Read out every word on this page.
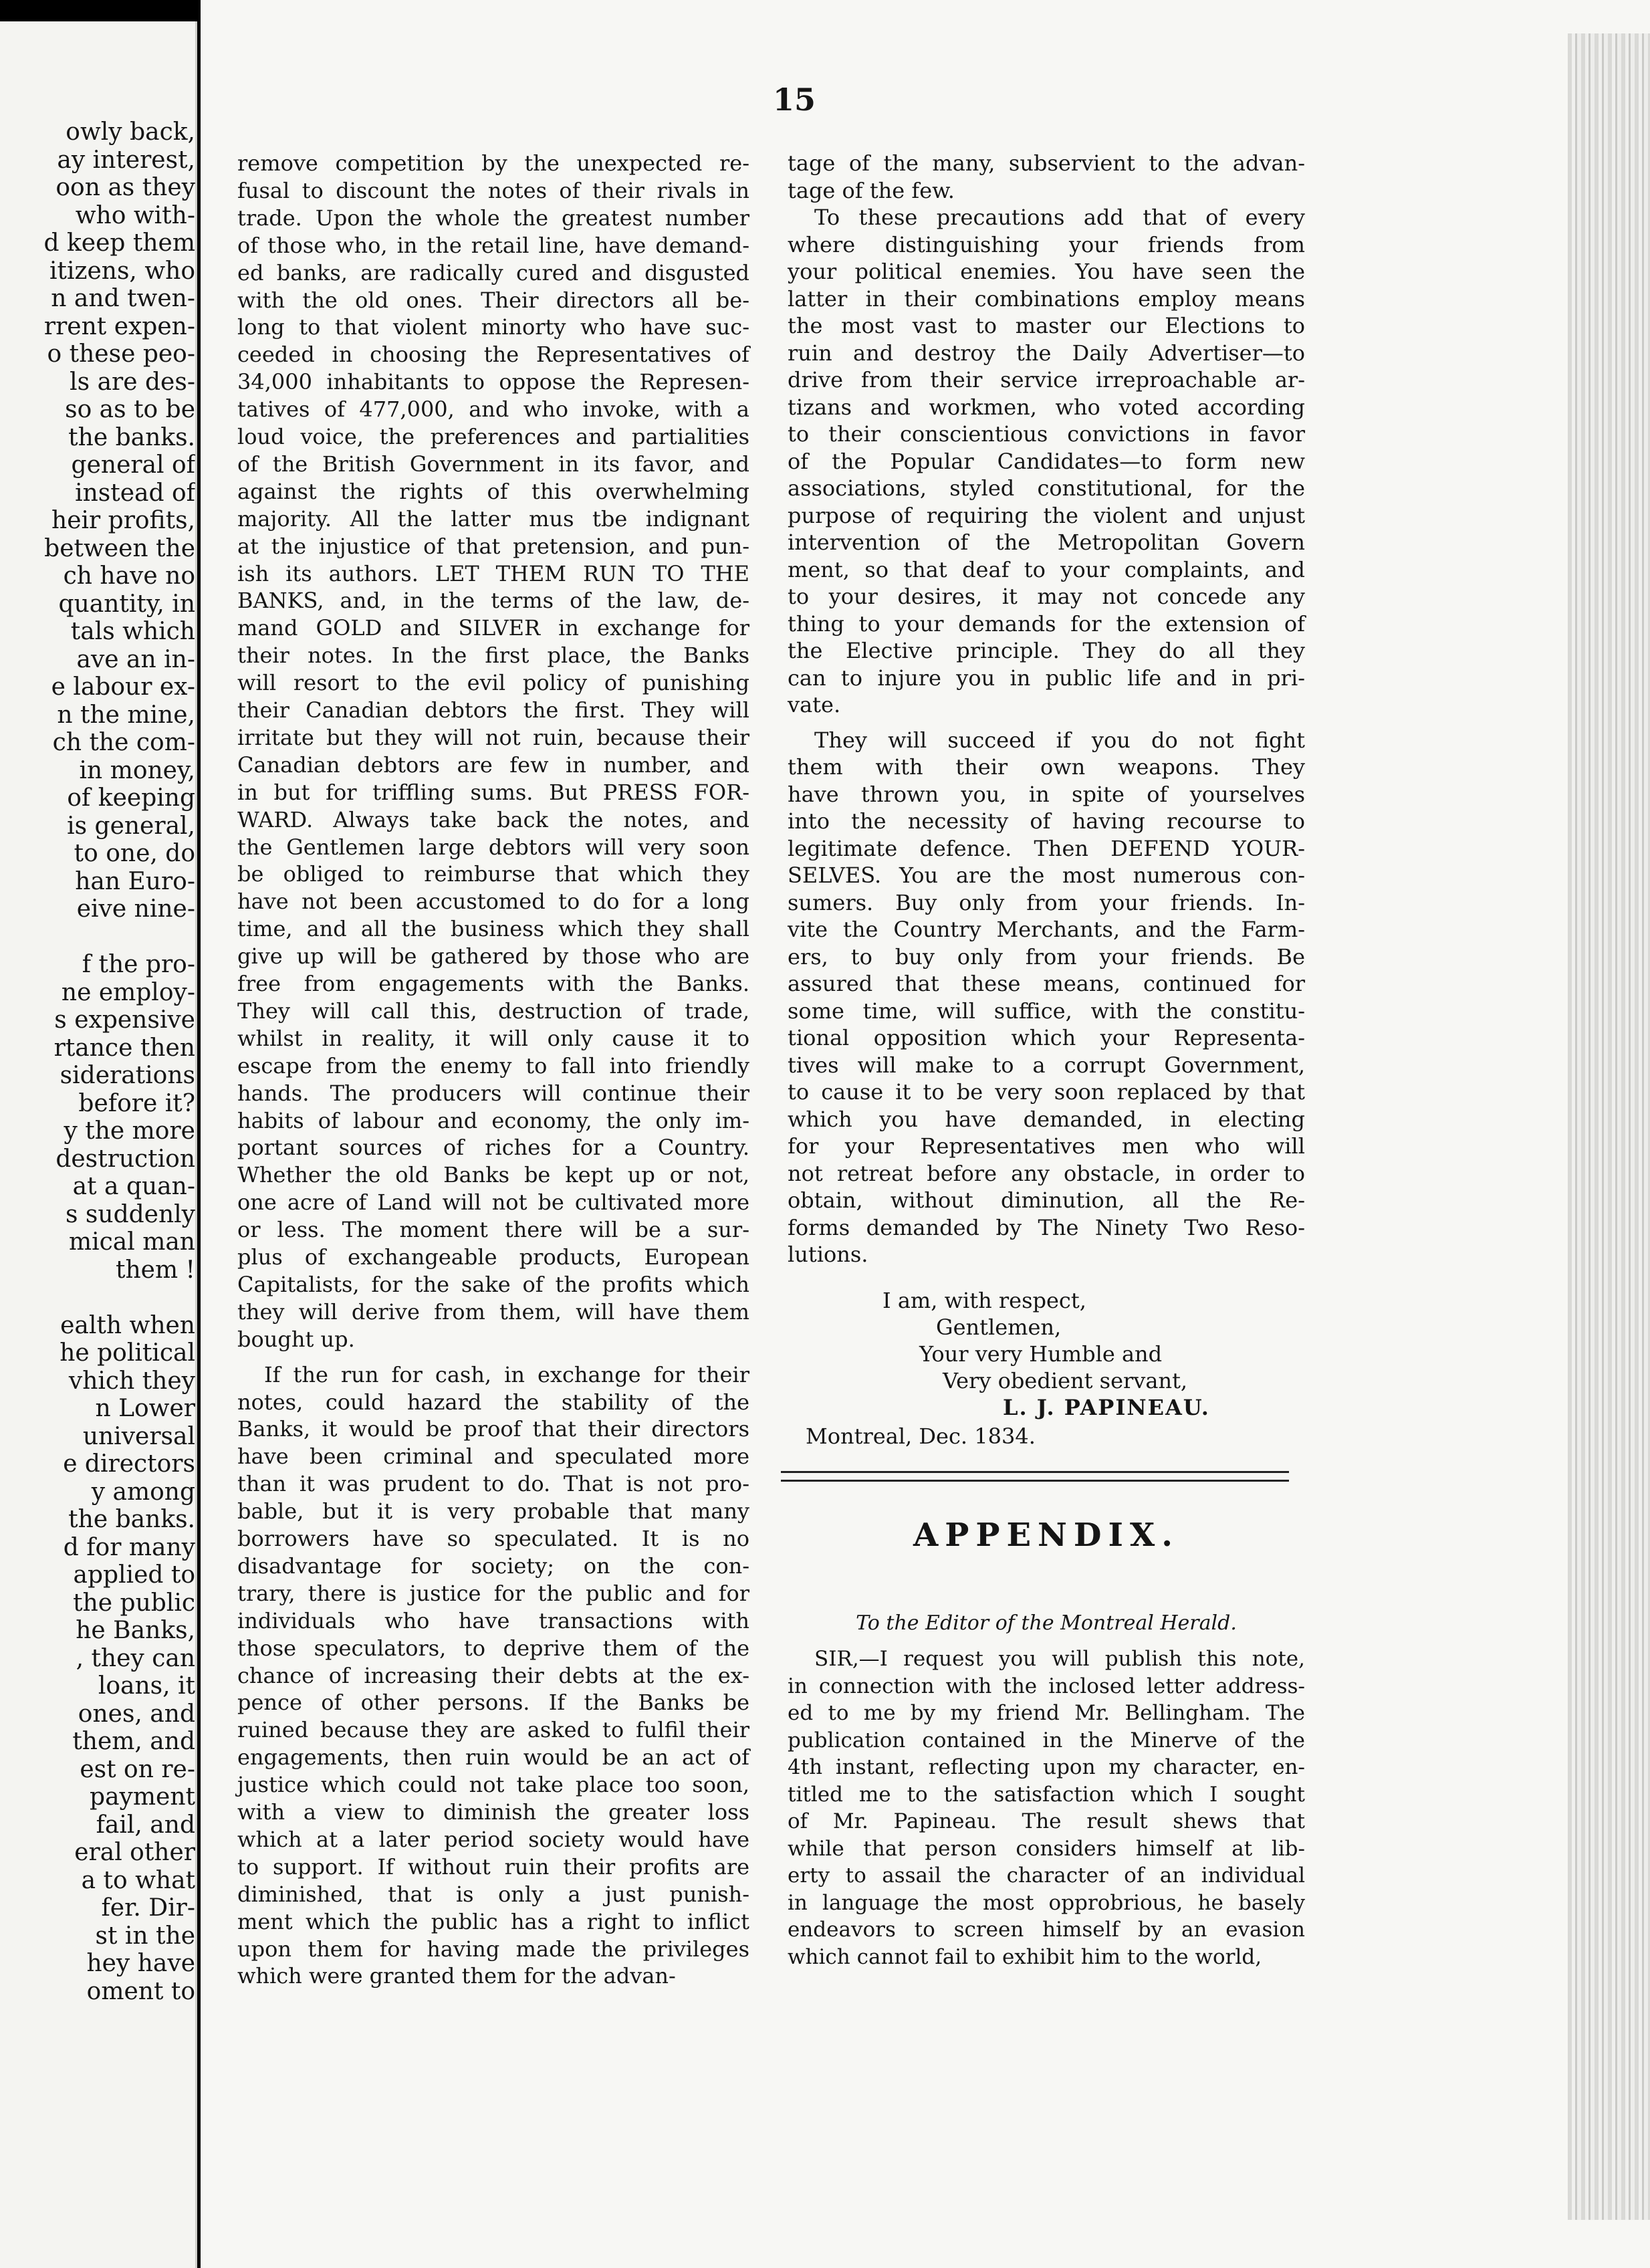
owly back,
ay interest,
oon as they
who with-
d keep them
itizens, who
n and twen-
rrent expen-
o these peo-
ls are des-
so as to be
the banks.
general of
instead of
heir profits,
between the
ch have no
quantity, in
tals which
ave an in-
e labour ex-
n the mine,
ch the com-
in money,
of keeping
is general,
to one, do
han Euro-
eive nine-
f the pro-
ne employ-
s expensive
rtance then
siderations
before it?
y the more
destruction
at a quan-
s suddenly
mical man
them !
ealth when
he political
vhich they
n Lower
universal
e directors
y among
the banks.
d for many
applied to
the public
he Banks,
, they can
loans, it
ones, and
them, and
est on re-
payment
fail, and
eral other
a to what
fer. Dir-
st in the
hey have
oment to
15
remove competition by the unexpected re-
fusal to discount the notes of their rivals in
trade. Upon the whole the greatest number
of those who, in the retail line, have demand-
ed banks, are radically cured and disgusted
with the old ones. Their directors all be-
long to that violent minorty who have suc-
ceeded in choosing the Representatives of
34,000 inhabitants to oppose the Represen-
tatives of 477,000, and who invoke, with a
loud voice, the preferences and partialities
of the British Government in its favor, and
against the rights of this overwhelming
majority. All the latter mus tbe indignant
at the injustice of that pretension, and pun-
ish its authors. LET THEM RUN TO THE
BANKS, and, in the terms of the law, de-
mand GOLD and SILVER in exchange for
their notes. In the first place, the Banks
will resort to the evil policy of punishing
their Canadian debtors the first. They will
irritate but they will not ruin, because their
Canadian debtors are few in number, and
in but for triffling sums. But PRESS FOR-
WARD. Always take back the notes, and
the Gentlemen large debtors will very soon
be obliged to reimburse that which they
have not been accustomed to do for a long
time, and all the business which they shall
give up will be gathered by those who are
free from engagements with the Banks.
They will call this, destruction of trade,
whilst in reality, it will only cause it to
escape from the enemy to fall into friendly
hands. The producers will continue their
habits of labour and economy, the only im-
portant sources of riches for a Country.
Whether the old Banks be kept up or not,
one acre of Land will not be cultivated more
or less. The moment there will be a sur-
plus of exchangeable products, European
Capitalists, for the sake of the profits which
they will derive from them, will have them
bought up.
If the run for cash, in exchange for their
notes, could hazard the stability of the
Banks, it would be proof that their directors
have been criminal and speculated more
than it was prudent to do. That is not pro-
bable, but it is very probable that many
borrowers have so speculated. It is no
disadvantage for society; on the con-
trary, there is justice for the public and for
individuals who have transactions with
those speculators, to deprive them of the
chance of increasing their debts at the ex-
pence of other persons. If the Banks be
ruined because they are asked to fulfil their
engagements, then ruin would be an act of
justice which could not take place too soon,
with a view to diminish the greater loss
which at a later period society would have
to support. If without ruin their profits are
diminished, that is only a just punish-
ment which the public has a right to inflict
upon them for having made the privileges
which were granted them for the advan-
tage of the many, subservient to the advan-
tage of the few.
To these precautions add that of every
where distinguishing your friends from
your political enemies. You have seen the
latter in their combinations employ means
the most vast to master our Elections to
ruin and destroy the Daily Advertiser—to
drive from their service irreproachable ar-
tizans and workmen, who voted according
to their conscientious convictions in favor
of the Popular Candidates—to form new
associations, styled constitutional, for the
purpose of requiring the violent and unjust
intervention of the Metropolitan Govern
ment, so that deaf to your complaints, and
to your desires, it may not concede any
thing to your demands for the extension of
the Elective principle. They do all they
can to injure you in public life and in pri-
vate.
They will succeed if you do not fight
them with their own weapons. They
have thrown you, in spite of yourselves
into the necessity of having recourse to
legitimate defence. Then DEFEND YOUR-
SELVES. You are the most numerous con-
sumers. Buy only from your friends. In-
vite the Country Merchants, and the Farm-
ers, to buy only from your friends. Be
assured that these means, continued for
some time, will suffice, with the constitu-
tional opposition which your Representa-
tives will make to a corrupt Government,
to cause it to be very soon replaced by that
which you have demanded, in electing
for your Representatives men who will
not retreat before any obstacle, in order to
obtain, without diminution, all the Re-
forms demanded by The Ninety Two Reso-
lutions.
I am, with respect,
Gentlemen,
Your very Humble and
Very obedient servant,
L. J. PAPINEAU.
Montreal, Dec. 1834.
APPENDIX.
To the Editor of the Montreal Herald.
SIR,—I request you will publish this note,
in connection with the inclosed letter address-
ed to me by my friend Mr. Bellingham. The
publication contained in the Minerve of the
4th instant, reflecting upon my character, en-
titled me to the satisfaction which I sought
of Mr. Papineau. The result shews that
while that person considers himself at lib-
erty to assail the character of an individual
in language the most opprobrious, he basely
endeavors to screen himself by an evasion
which cannot fail to exhibit him to the world,
